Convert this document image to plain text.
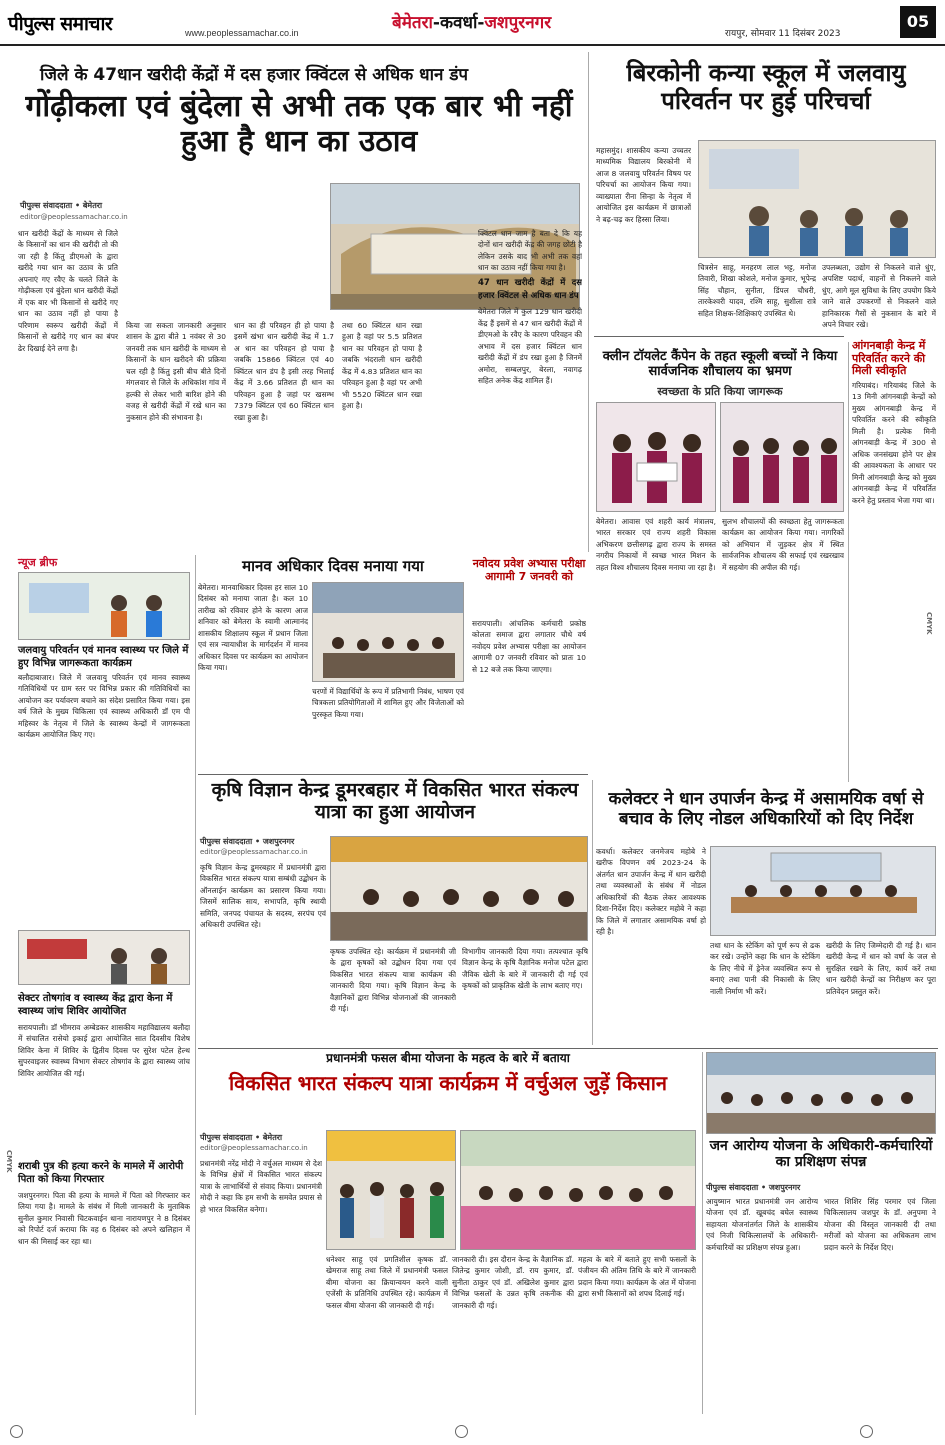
पीपुल्स समाचार	www.peoplessamachar.co.in	बेमेतरा-कवर्धा-जशपुरनगर
रायपुर, सोमवार 11 दिसंबर 2023
05
जिले के 47धान खरीदी केंद्रों में दस हजार क्विंटल से अधिक धान डंप
गोंढ़ीकला एवं बुंदेला से अभी तक एक बार भी नहीं हुआ है धान का उठाव
पीपुल्स संवाददाता • बेमेतरा
editor@peoplessamachar.co.in

धान खरीदी केंद्रों के माध्यम से जिले के किसानों का धान की खरीदी तो की जा रही है किंतु डीएमओ के द्वारा खरीदे गया धान का उठाव के प्रति अपनाएं गए रवैए के चलते जिले के गोढ़ीकला एवं बुंदेला धान खरीदी केंद्रों में एक बार भी किसानों से खरीदे गए धान का उठाव नहीं हो पाया है परिणाम स्वरूप खरीदी केंद्रों में किसानों से खरीदे गए धान का बंपर ढेर दिखाई देने लगा है।

किया जा सकता जानकारी अनुसार शासन के द्वारा बीते 1 नवंबर से 30 जनवरी तक धान खरीदी के माध्यम से किसानों के धान खरीदने की प्रक्रिया चल रही है किंतु इसी बीच बीते दिनों मंगलवार से जिले के अधिकांश गांव में हल्की से लेकर भारी बारिश होने की वजह से खरीदी केंद्रों में रखे धान का नुकसान होने की संभावना है।

धान का ही परिवहन ही हो पाया है इसमें खंभा धान खरीदी केंद्र में 1.7 अ धान का परिवहन हो पाया है जबकि 15866 क्विंटल एवं 40 क्विंटल धान डंप है इसी तरह भिलाई केंद्र में 3.66 प्रतिशत ही धान का परिवहन हुआ है जहां पर खसम्भ 7379 क्विंटल एवं 60 क्विंटल धान रखा हुआ है।

तथा 60 क्विंटल धान रखा हुआ है वहां पर 5.5 प्रतिशत धान का परिवहन हो पाया है जबकि भंदराली धान खरीदी केंद्र में 4.83 प्रतिशत धान का परिवहन हुआ है वहां पर अभी भी 5520 क्विंटल धान रखा हुआ है।

क्विंटल धान जाम है बता दे कि यह दोनों धान खरीदी केंद्र की जगह छोटी है लेकिन उसके बाद भी अभी तक वहां धान का उठाव नहीं किया गया है।

47 धान खरीदी केंद्रों में दस हजार क्विंटल से अधिक धान डंप

बेमेतरा जिले में कुल 129 धान खरीदी केंद्र हैं इसमें से 47 धान खरीदी केंद्रों में डीएमओ के रवैए के कारण परिवहन की अभाव में दस हजार क्विंटल धान खरीदी केंद्रों में डंप रखा हुआ है जिनमें अमोरा, सम्बलपुर, बेरला, नवागढ़ सहित अनेक केंद्र शामिल हैं।

बिरकोनी कन्या स्कूल में जलवायु परिवर्तन पर हुई परिचर्चा

महासमुंद। शासकीय कन्या उच्चतर माध्यमिक विद्यालय बिरकोनी में आज 8 जलवायु परिवर्तन विषय पर परिचर्चा का आयोजन किया गया। व्याख्याता रीना सिन्हा के नेतृत्व में आयोजित इस कार्यक्रम में छात्राओं ने बढ़-चढ़ कर हिस्सा लिया।

चित्रसेन साहू, मनहरण लाल भट्ट, मनोज तिवारी, शिखा कोशले, मनोज कुमार, भूपेन्द्र सिंह चौहान, सुनीता, डिंपल चौधरी, तारकेश्वरी यादव, रश्मि साहू, सुशीला रात्रे सहित शिक्षक-शिक्षिकाएं उपस्थित थे।

उपलब्धता, उद्योग से निकलने वाले धुंए, अपशिष्ट पदार्थ, वाहनों से निकलने वाले धुंए, आगे मूल सुविधा के लिए उपयोग किये जाने वाले उपकरणों से निकलने वाले हानिकारक गैसों से नुकसान के बारे में अपने विचार रखे।

क्लीन टॉयलेट कैंपेन के तहत स्कूली बच्चों ने किया सार्वजनिक शौचालय का भ्रमण
स्वच्छता के प्रति किया जागरूक

बेमेतरा। आवास एवं शहरी कार्य मंत्रालय, भारत सरकार एवं राज्य शहरी विकास अभिकरण छत्तीसगढ़ द्वारा राज्य के समस्त नगरीय निकायों में स्वच्छ भारत मिशन के तहत विश्व शौचालय दिवस मनाया जा रहा है।

सुलभ शौचालयों की स्वच्छता हेतु जागरूकता कार्यक्रम का आयोजन किया गया। नागरिकों को अभियान में जुड़कर क्षेत्र में स्थित सार्वजनिक शौचालय की सफाई एवं रखरखाव में सहयोग की अपील की गई।

आंगनबाड़ी केन्द्र में परिवर्तित करने की मिली स्वीकृति

गरियाबंद। गरियाबंद जिले के 13 मिनी आंगनबाड़ी केन्द्रों को मुख्य आंगनबाड़ी केन्द्र में परिवर्तित करने की स्वीकृति मिली है। प्रत्येक मिनी आंगनबाड़ी केन्द्र में 300 से अधिक जनसंख्या होने पर क्षेत्र की आवश्यकता के आधार पर मिनी आंगनबाड़ी केन्द्र को मुख्य आंगनबाड़ी केन्द्र में परिवर्तित करने हेतु प्रस्ताव भेजा गया था।

न्यूज ब्रीफ
जलवायु परिवर्तन एवं मानव स्वास्थ्य पर जिले में हुए विभिन्न जागरूकता कार्यक्रम

बलौदाबाजार। जिले में जलवायु परिवर्तन एवं मानव स्वास्थ्य गतिविधियों पर ग्राम स्तर पर विभिन्न प्रकार की गतिविधियों का आयोजन कर पर्यावरण बचाने का संदेश प्रसारित किया गया। इस वर्ष जिले के मुख्य चिकित्सा एवं स्वास्थ्य अधिकारी डॉ एम पी महिस्वर के नेतृत्व में जिले के स्वास्थ्य केन्द्रों में जागरूकता कार्यक्रम आयोजित किए गए।

सेक्टर तोषगांव व स्वास्थ्य केंद्र द्वारा केना में स्वास्थ्य जांच शिविर आयोजित

सरायपाली। डॉ भीमराव अम्बेडकर शासकीय महाविद्यालय बलौदा में संचालित रासेयो इकाई द्वारा आयोजित सात दिवसीय विशेष शिविर केना में शिविर के द्वितीय दिवस पर सुरेश पटेल हेल्थ सुपरवाइजर स्वास्थ्य विभाग सेक्टर तोषगांव के द्वारा स्वास्थ्य जांच शिविर आयोजित की गई।

शराबी पुत्र की हत्या करने के मामले में आरोपी पिता को किया गिरफ्तार

जशपुरनगर। पिता की हत्या के मामले में पिता को गिरफ्तार कर लिया गया है। मामले के संबंध में मिली जानकारी के मुताबिक सुनील कुमार निवासी चिटकवाईन थाना नारायणपुर ने 8 दिसंबर को रिपोर्ट दर्ज कराया कि वह 6 दिसंबर को अपने खलिहान में धान की मिसाई कर रहा था।

मानव अधिकार दिवस मनाया गया

बेमेतरा। मानवाधिकार दिवस हर साल 10 दिसंबर को मनाया जाता है। कल 10 तारीख को रविवार होने के कारण आज शनिवार को बेमेतरा के स्वामी आत्मानंद शासकीय शिक्षालय स्कूल में प्रधान जिला एवं सत्र न्यायाधीश के मार्गदर्शन में मानव अधिकार दिवस पर कार्यक्रम का आयोजन किया गया।

चरणों में विद्यार्थियों के रूप में प्रतिभागी निबंध, भाषण एवं चित्रकला प्रतियोगिताओं में शामिल हुए और विजेताओं को पुरस्कृत किया गया।

नवोदय प्रवेश अभ्यास परीक्षा आगामी 7 जनवरी को

सरायपाली। आंचलिक कर्मचारी प्रकोष्ठ कोलता समाज द्वारा लगातार चौथे वर्ष नवोदय प्रवेश अभ्यास परीक्षा का आयोजन आगामी 07 जनवरी रविवार को प्रातः 10 से 12 बजे तक किया जाएगा।

कृषि विज्ञान केन्द्र डूमरबहार में विकसित भारत संकल्प यात्रा का हुआ आयोजन
पीपुल्स संवाददाता • जशपुरनगर
editor@peoplessamachar.co.in

कृषि विज्ञान केन्द्र डूमरबहार में प्रधानमंत्री द्वारा विकसित भारत संकल्प यात्रा सम्बंधी उद्बोधन के ऑनलाईन कार्यक्रम का प्रसारण किया गया। जिसमें सालिक साय, सभापति, कृषि स्थायी समिति, जनपद पंचायत के सदस्य, सरपंच एवं अधिकारी उपस्थित रहे।

कृषक उपस्थित रहे। कार्यक्रम में प्रधानमंत्री जी के द्वारा कृषकों को उद्बोधन दिया गया एवं विकसित भारत संकल्प यात्रा कार्यक्रम की जानकारी दिया गया। कृषि विज्ञान केन्द्र के वैज्ञानिकों द्वारा विभिन्न योजनाओं की जानकारी दी गई।

विभागीय जानकारी दिया गया। तत्पश्चात कृषि विज्ञान केन्द्र के कृषि वैज्ञानिक मनोज पटेल द्वारा जैविक खेती के बारे में जानकारी दी गई एवं कृषकों को प्राकृतिक खेती के लाभ बताए गए।

कलेक्टर ने धान उपार्जन केन्द्र में असामयिक वर्षा से बचाव के लिए नोडल अधिकारियों को दिए निर्देश

कवर्धा। कलेक्टर जनमेजय महोबे ने खरीफ विपणन वर्ष 2023-24 के अंतर्गत धान उपार्जन केन्द्र में धान खरीदी तथा व्यवस्थाओं के संबंध में नोडल अधिकारियों की बैठक लेकर आवश्यक दिशा-निर्देश दिए। कलेक्टर महोबे ने कहा कि जिले में लगातार असामयिक वर्षा हो रही है।

तथा धान के स्टेकिंग को पूर्ण रूप से ढक कर रखे। उन्होंने कहा कि धान के स्टेकिंग के लिए नीचे में ड्रेनेज व्यवस्थित रूप से बनाएं तथा पानी की निकासी के लिए नाली निर्माण भी करें।

खरीदी के लिए जिम्मेदारी दी गई है। धान खरीदी केन्द्र में धान को वर्षा के जल से सुरक्षित रखने के लिए, कार्य करें तथा धान खरीदी केन्द्रों का निरीक्षण कर पूरा प्रतिवेदन प्रस्तुत करें।

प्रधानमंत्री फसल बीमा योजना के महत्व के बारे में बताया
विकसित भारत संकल्प यात्रा कार्यक्रम में वर्चुअल जुड़ें किसान
पीपुल्स संवाददाता • बेमेतरा
editor@peoplessamachar.co.in

प्रधानमंत्री नरेंद्र मोदी ने वर्चुअल माध्यम से देश के विभिन्न क्षेत्रों में विकसित भारत संकल्प यात्रा के लाभार्थियों से संवाद किया। प्रधानमंत्री मोदी ने कहा कि हम सभी के समवेत प्रयास से हो भारत विकसित बनेगा।

धनेश्वर साहू एवं प्रगतिशील कृषक डॉ. खेमराज साहू तथा जिले में प्रधानमंत्री फसल बीमा योजना का क्रियान्वयन करने वाली एजेंसी के प्रतिनिधि उपस्थित रहे। कार्यक्रम में फसल बीमा योजना की जानकारी दी गई।

जानकारी दी। इस दौरान केन्द्र के वैज्ञानिक डॉ. जितेन्द्र कुमार जोशी, डॉ. राय कुमार, डॉ. सुनीता ठाकुर एवं डॉ. अखिलेश कुमार द्वारा विभिन्न फसलों के उन्नत कृषि तकनीक की जानकारी दी गई।

महत्व के बारे में बताते हुए सभी फसलों के पंजीयन की अंतिम तिथि के बारे में जानकारी प्रदान किया गया। कार्यक्रम के अंत में योजना द्वारा सभी किसानों को शपथ दिलाई गई।

जन आरोग्य योजना के अधिकारी-कर्मचारियों का प्रशिक्षण संपन्न
पीपुल्स संवाददाता • जशपुरनगर

आयुष्मान भारत प्रधानमंत्री जन आरोग्य योजना एवं डॉ. खूबचंद बघेल स्वास्थ्य सहायता योजनांतर्गत जिले के शासकीय एवं निजी चिकित्सालयों के अधिकारी-कर्मचारियों का प्रशिक्षण संपन्न हुआ।

भारत शिशिर सिंह परमार एवं जिला चिकित्सालय जशपुर के डॉ. अनुपमा ने योजना की विस्तृत जानकारी दी तथा मरीजों को योजना का अधिकतम लाभ प्रदान करने के निर्देश दिए।

CMYK
CMYK
